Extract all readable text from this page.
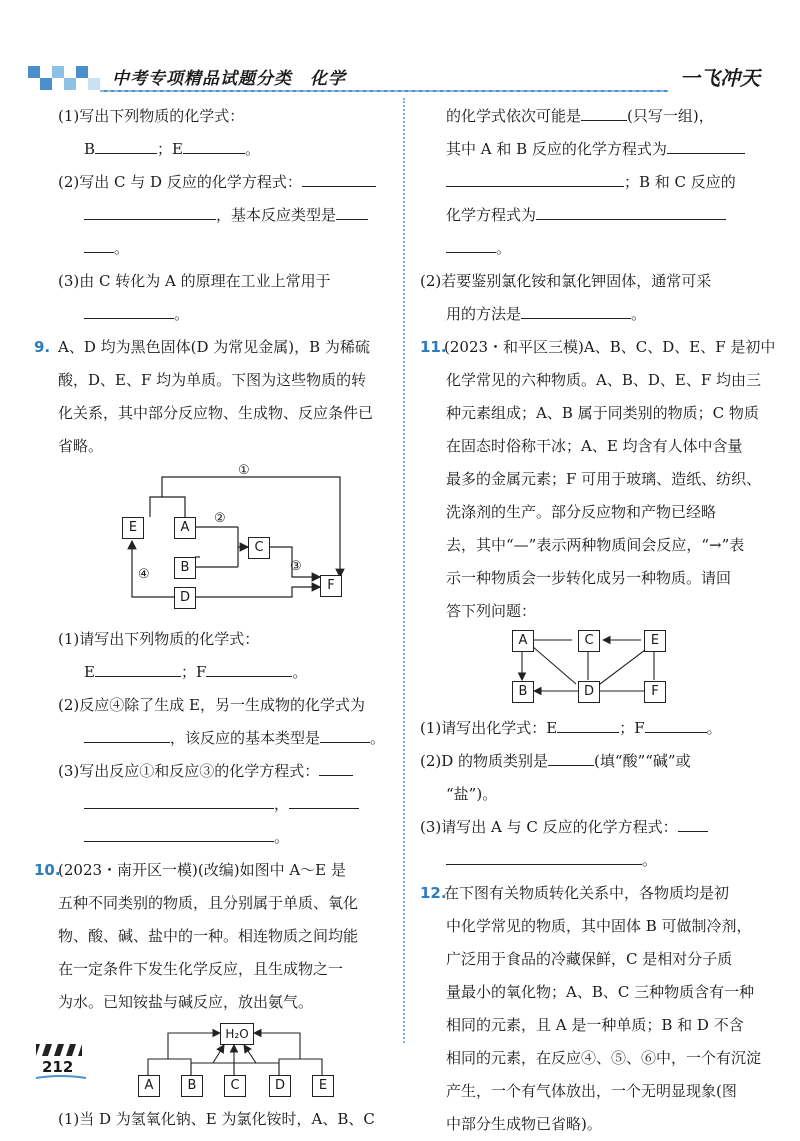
中考专项精品试题分类　化学	一飞冲天
(1)写出下列物质的化学式：
B	；E	。
(2)写出 C 与 D 反应的化学方程式：
，基本反应类型是
。
(3)由 C 转化为 A 的原理在工业上常用于
。
9. A、D 均为黑色固体(D 为常见金属)，B 为稀硫
酸，D、E、F 均为单质。下图为这些物质的转
化关系，其中部分反应物、生成物、反应条件已
省略。
E	A
B
C
D
F
①
②
③
④
(1)请写出下列物质的化学式：
E	；F	。
(2)反应④除了生成 E，另一生成物的化学式为
，该反应的基本类型是	。
(3)写出反应①和反应③的化学方程式：
，
。
10.(2023・南开区一模)(改编)如图中 A～E 是
五种不同类别的物质，且分别属于单质、氧化
物、酸、碱、盐中的一种。相连物质之间均能
在一定条件下发生化学反应，且生成物之一
为水。已知铵盐与碱反应，放出氨气。
H₂O
A	B	C	D	E
(1)当 D 为氢氧化钠、E 为氯化铵时，A、B、C
的化学式依次可能是	(只写一组)，
其中 A 和 B 反应的化学方程式为
；B 和 C 反应的
化学方程式为
。
(2)若要鉴别氯化铵和氯化钾固体，通常可采
用的方法是	。
11.(2023・和平区三模)A、B、C、D、E、F 是初中
化学常见的六种物质。A、B、D、E、F 均由三
种元素组成；A、B 属于同类别的物质；C 物质
在固态时俗称干冰；A、E 均含有人体中含量
最多的金属元素；F 可用于玻璃、造纸、纺织、
洗涤剂的生产。部分反应物和产物已经略
去，其中“—”表示两种物质间会反应，“→”表
示一种物质会一步转化成另一种物质。请回
答下列问题：
A	C	E
B	D	F
(1)请写出化学式：E	；F	。
(2)D 的物质类别是	(填“酸”“碱”或
“盐”)。
(3)请写出 A 与 C 反应的化学方程式：
。
12.在下图有关物质转化关系中，各物质均是初
中化学常见的物质，其中固体 B 可做制冷剂，
广泛用于食品的冷藏保鲜，C 是相对分子质
量最小的氧化物；A、B、C 三种物质含有一种
相同的元素，且 A 是一种单质；B 和 D 不含
相同的元素，在反应④、⑤、⑥中，一个有沉淀
产生，一个有气体放出，一个无明显现象(图
中部分生成物已省略)。
212
